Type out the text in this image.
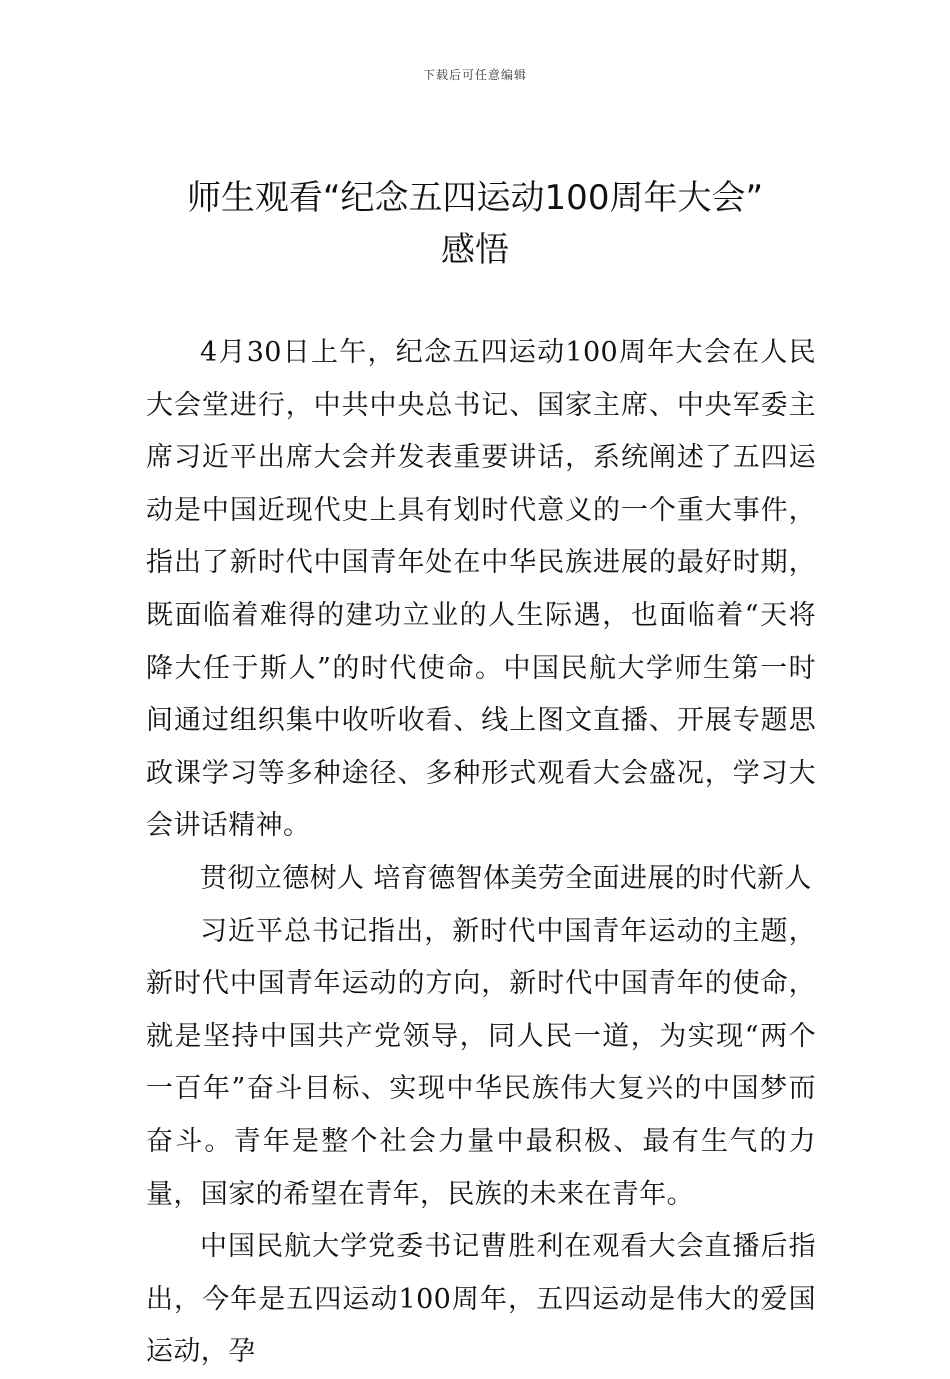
下载后可任意编辑
师生观看“纪念五四运动100周年大会”
感悟

4月30日上午，纪念五四运动100周年大会在人民大会堂进行，中共中央总书记、国家主席、中央军委主席习近平出席大会并发表重要讲话，系统阐述了五四运动是中国近现代史上具有划时代意义的一个重大事件，指出了新时代中国青年处在中华民族进展的最好时期，既面临着难得的建功立业的人生际遇，也面临着“天将降大任于斯人”的时代使命。中国民航大学师生第一时间通过组织集中收听收看、线上图文直播、开展专题思政课学习等多种途径、多种形式观看大会盛况，学习大会讲话精神。

贯彻立德树人 培育德智体美劳全面进展的时代新人

习近平总书记指出，新时代中国青年运动的主题，新时代中国青年运动的方向，新时代中国青年的使命，就是坚持中国共产党领导，同人民一道，为实现“两个一百年”奋斗目标、实现中华民族伟大复兴的中国梦而奋斗。青年是整个社会力量中最积极、最有生气的力量，国家的希望在青年，民族的未来在青年。

中国民航大学党委书记曹胜利在观看大会直播后指出，今年是五四运动100周年，五四运动是伟大的爱国运动，孕
